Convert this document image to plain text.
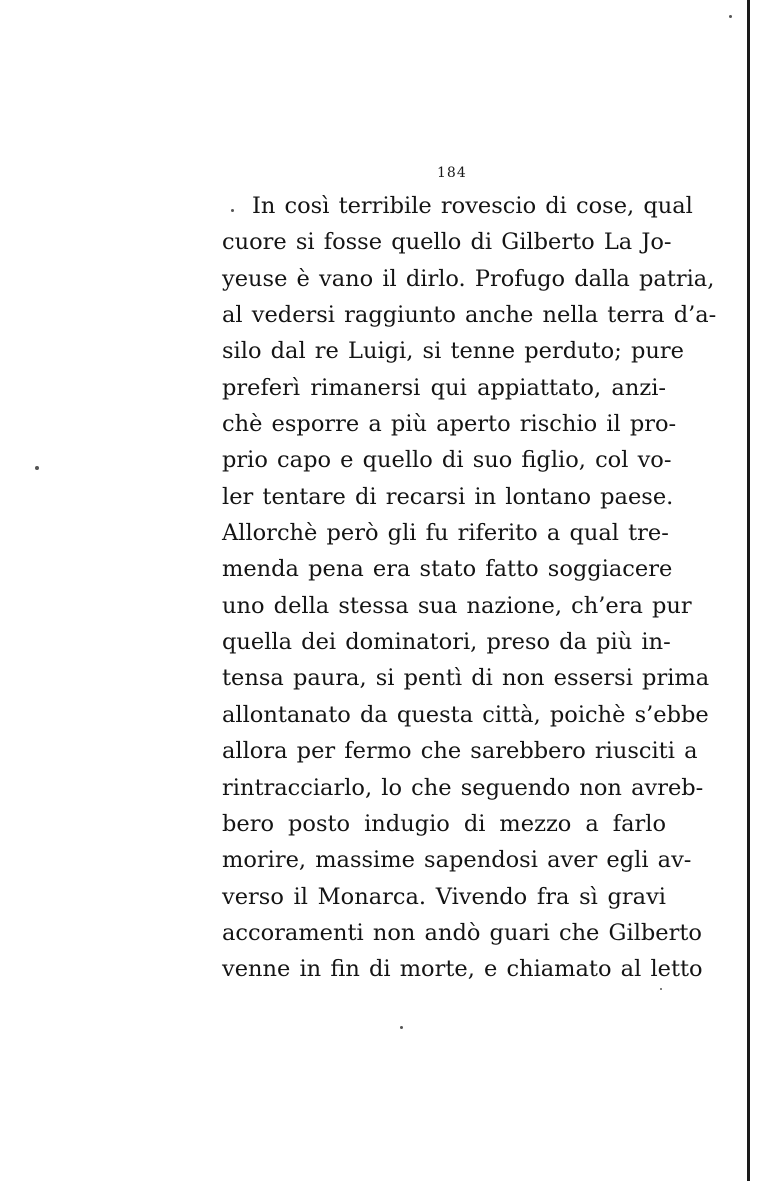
184
In così terribile rovescio di cose, qual
cuore si fosse quello di Gilberto La Jo-
yeuse è vano il dirlo. Profugo dalla patria,
al vedersi raggiunto anche nella terra d’a-
silo dal re Luigi, si tenne perduto; pure
preferì rimanersi qui appiattato, anzi-
chè esporre a più aperto rischio il pro-
prio capo e quello di suo figlio, col vo-
ler tentare di recarsi in lontano paese.
Allorchè però gli fu riferito a qual tre-
menda pena era stato fatto soggiacere
uno della stessa sua nazione, ch’era pur
quella dei dominatori, preso da più in-
tensa paura, si pentì di non essersi prima
allontanato da questa città, poichè s’ebbe
allora per fermo che sarebbero riusciti a
rintracciarlo, lo che seguendo non avreb-
bero posto indugio di mezzo a farlo
morire, massime sapendosi aver egli av-
verso il Monarca. Vivendo fra sì gravi
accoramenti non andò guari che Gilberto
venne in fin di morte, e chiamato al letto
